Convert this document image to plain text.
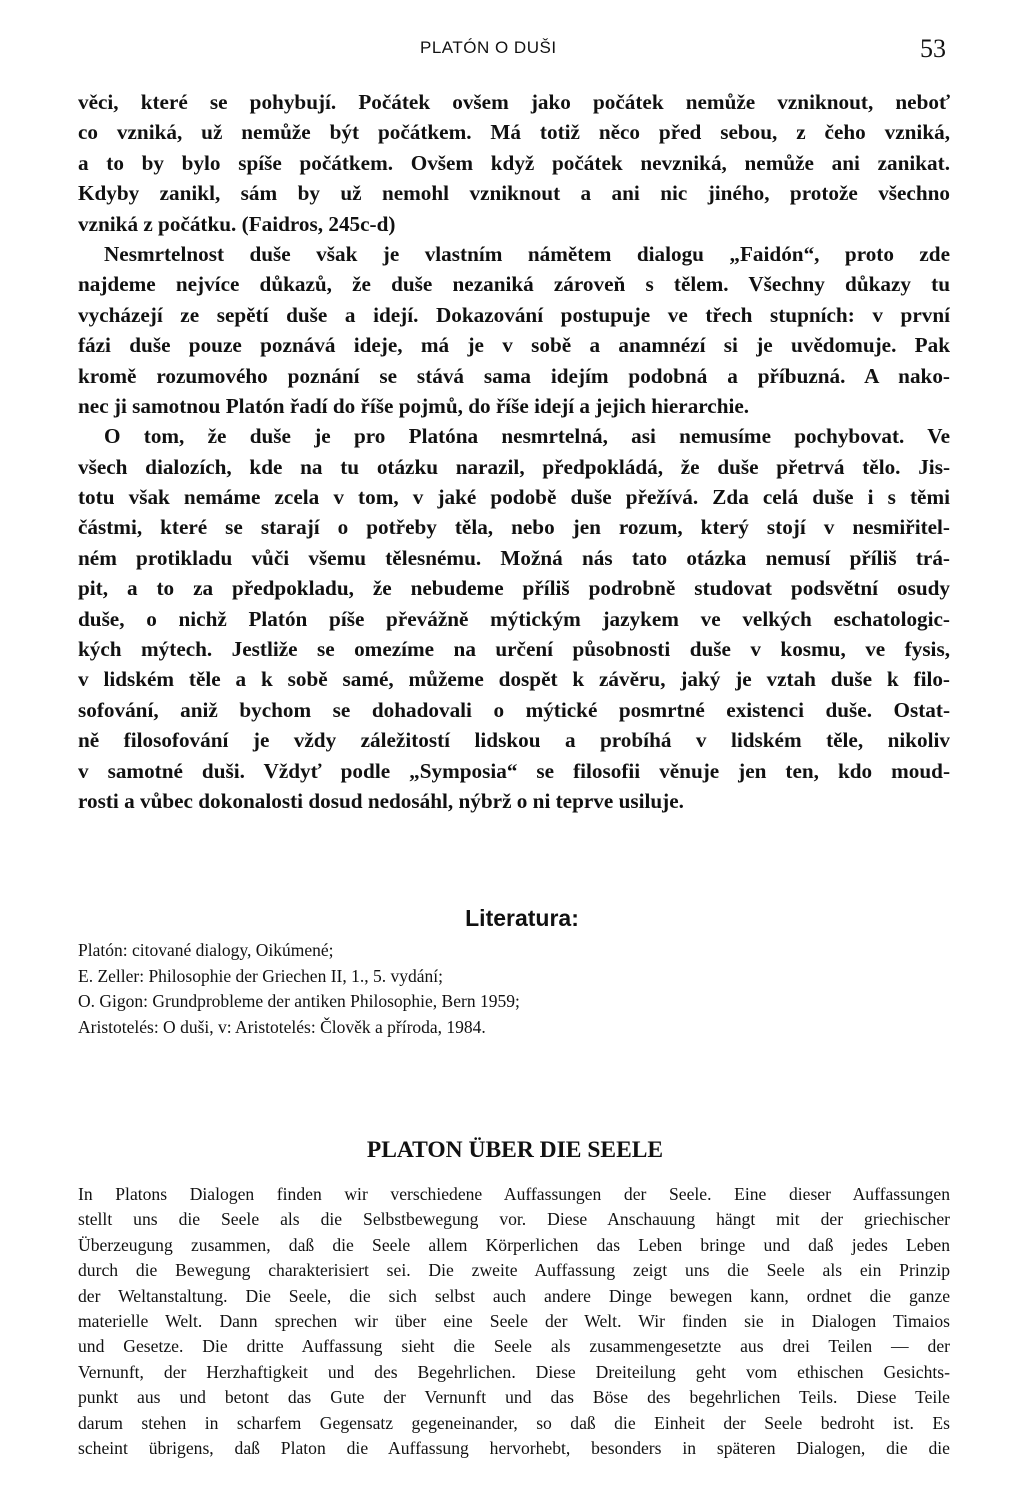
PLATÓN O DUŠI	53
věci, které se pohybují. Počátek ovšem jako počátek nemůže vzniknout, neboť
co vzniká, už nemůže být počátkem. Má totiž něco před sebou, z čeho vzniká,
a to by bylo spíše počátkem. Ovšem když počátek nevzniká, nemůže ani zanikat.
Kdyby zanikl, sám by už nemohl vzniknout a ani nic jiného, protože všechno
vzniká z počátku. (Faidros, 245c-d)
Nesmrtelnost duše však je vlastním námětem dialogu „Faidón“, proto zde
najdeme nejvíce důkazů, že duše nezaniká zároveň s tělem. Všechny důkazy tu
vycházejí ze sepětí duše a idejí. Dokazování postupuje ve třech stupních: v první
fázi duše pouze poznává ideje, má je v sobě a anamnézí si je uvědomuje. Pak
kromě rozumového poznání se stává sama idejím podobná a příbuzná. A nako-
nec ji samotnou Platón řadí do říše pojmů, do říše idejí a jejich hierarchie.
O tom, že duše je pro Platóna nesmrtelná, asi nemusíme pochybovat. Ve
všech dialozích, kde na tu otázku narazil, předpokládá, že duše přetrvá tělo. Jis-
totu však nemáme zcela v tom, v jaké podobě duše přežívá. Zda celá duše i s těmi
částmi, které se starají o potřeby těla, nebo jen rozum, který stojí v nesmiřitel-
ném protikladu vůči všemu tělesnému. Možná nás tato otázka nemusí příliš trá-
pit, a to za předpokladu, že nebudeme příliš podrobně studovat podsvětní osudy
duše, o nichž Platón píše převážně mýtickým jazykem ve velkých eschatologic-
kých mýtech. Jestliže se omezíme na určení působnosti duše v kosmu, ve fysis,
v lidském těle a k sobě samé, můžeme dospět k závěru, jaký je vztah duše k filo-
sofování, aniž bychom se dohadovali o mýtické posmrtné existenci duše. Ostat-
ně filosofování je vždy záležitostí lidskou a probíhá v lidském těle, nikoliv
v samotné duši. Vždyť podle „Symposia“ se filosofii věnuje jen ten, kdo moud-
rosti a vůbec dokonalosti dosud nedosáhl, nýbrž o ni teprve usiluje.
Literatura:
Platón: citované dialogy, Oikúmené;
E. Zeller: Philosophie der Griechen II, 1., 5. vydání;
O. Gigon: Grundprobleme der antiken Philosophie, Bern 1959;
Aristotelés: O duši, v: Aristotelés: Člověk a příroda, 1984.
PLATON ÜBER DIE SEELE
In Platons Dialogen finden wir verschiedene Auffassungen der Seele. Eine dieser Auffassungen
stellt uns die Seele als die Selbstbewegung vor. Diese Anschauung hängt mit der griechischer
Überzeugung zusammen, daß die Seele allem Körperlichen das Leben bringe und daß jedes Leben
durch die Bewegung charakterisiert sei. Die zweite Auffassung zeigt uns die Seele als ein Prinzip
der Weltanstaltung. Die Seele, die sich selbst auch andere Dinge bewegen kann, ordnet die ganze
materielle Welt. Dann sprechen wir über eine Seele der Welt. Wir finden sie in Dialogen Timaios
und Gesetze. Die dritte Auffassung sieht die Seele als zusammengesetzte aus drei Teilen — der
Vernunft, der Herzhaftigkeit und des Begehrlichen. Diese Dreiteilung geht vom ethischen Gesichts-
punkt aus und betont das Gute der Vernunft und das Böse des begehrlichen Teils. Diese Teile
darum stehen in scharfem Gegensatz gegeneinander, so daß die Einheit der Seele bedroht ist. Es
scheint übrigens, daß Platon die Auffassung hervorhebt, besonders in späteren Dialogen, die die
